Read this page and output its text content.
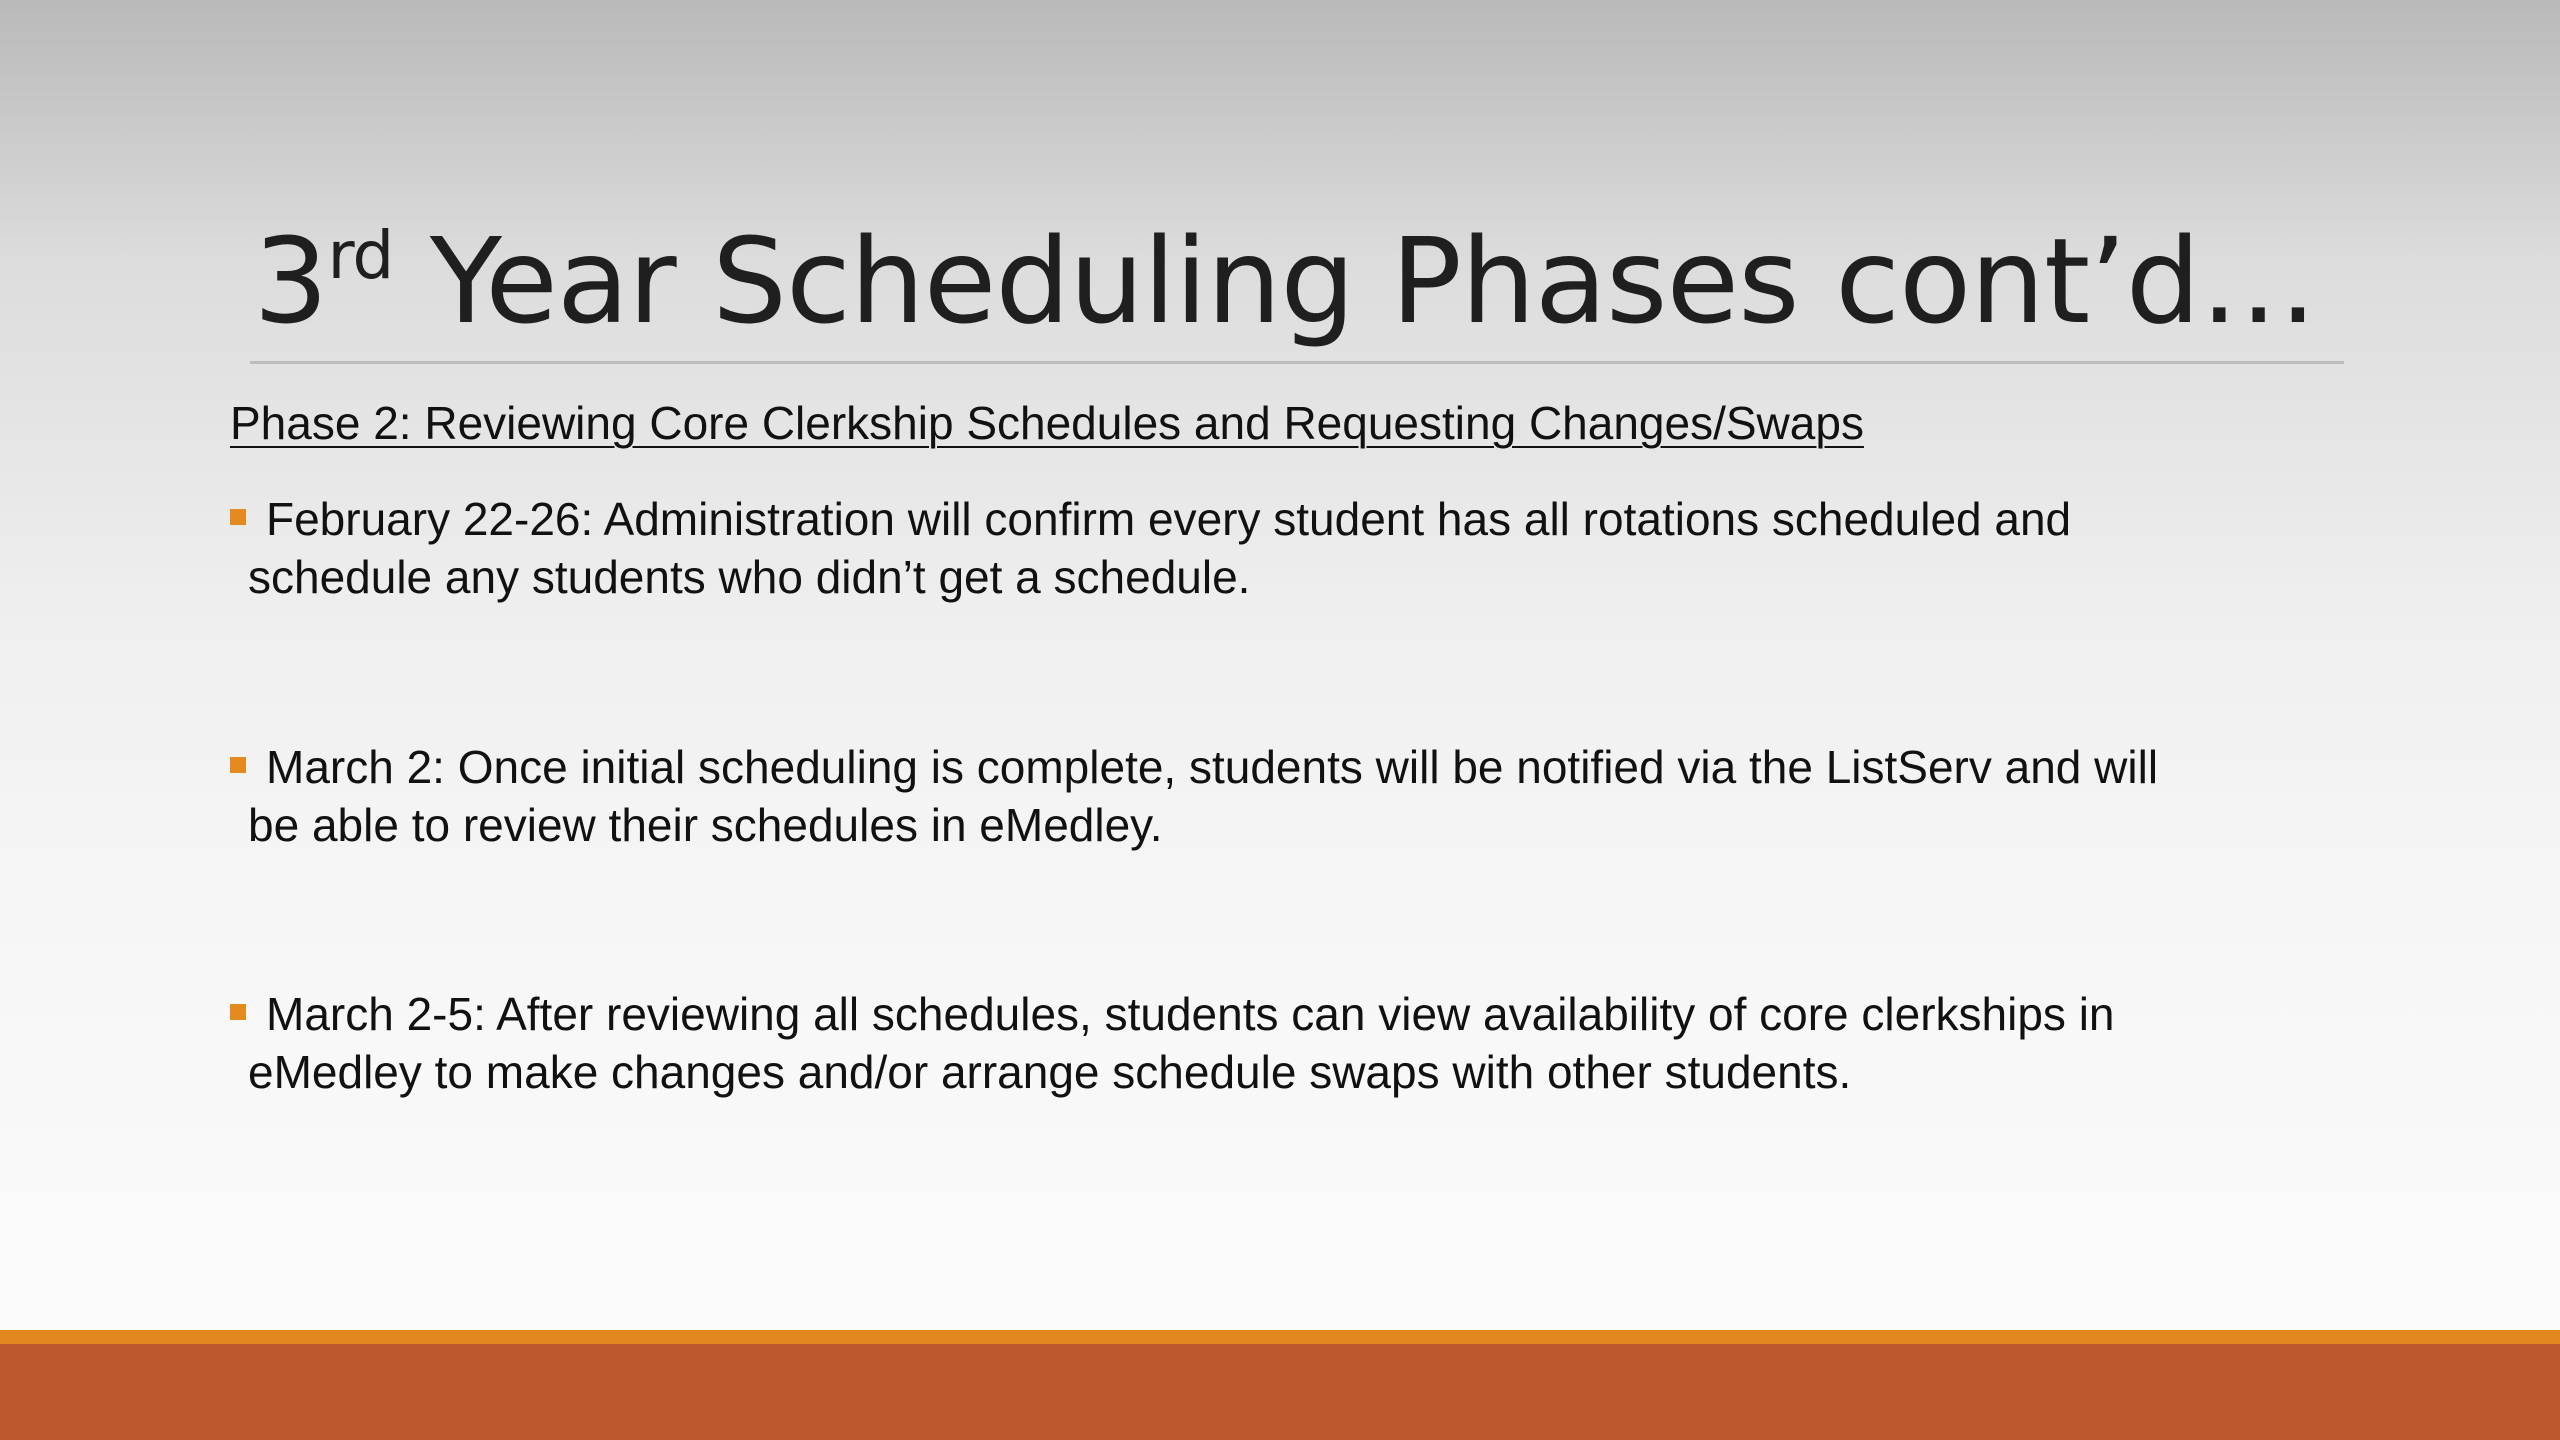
3rd Year Scheduling Phases cont’d…
Phase 2: Reviewing Core Clerkship Schedules and Requesting Changes/Swaps
February 22-26: Administration will confirm every student has all rotations scheduled and
schedule any students who didn’t get a schedule.
March 2: Once initial scheduling is complete, students will be notified via the ListServ and will
be able to review their schedules in eMedley.
March 2-5: After reviewing all schedules, students can view availability of core clerkships in
eMedley to make changes and/or arrange schedule swaps with other students.
